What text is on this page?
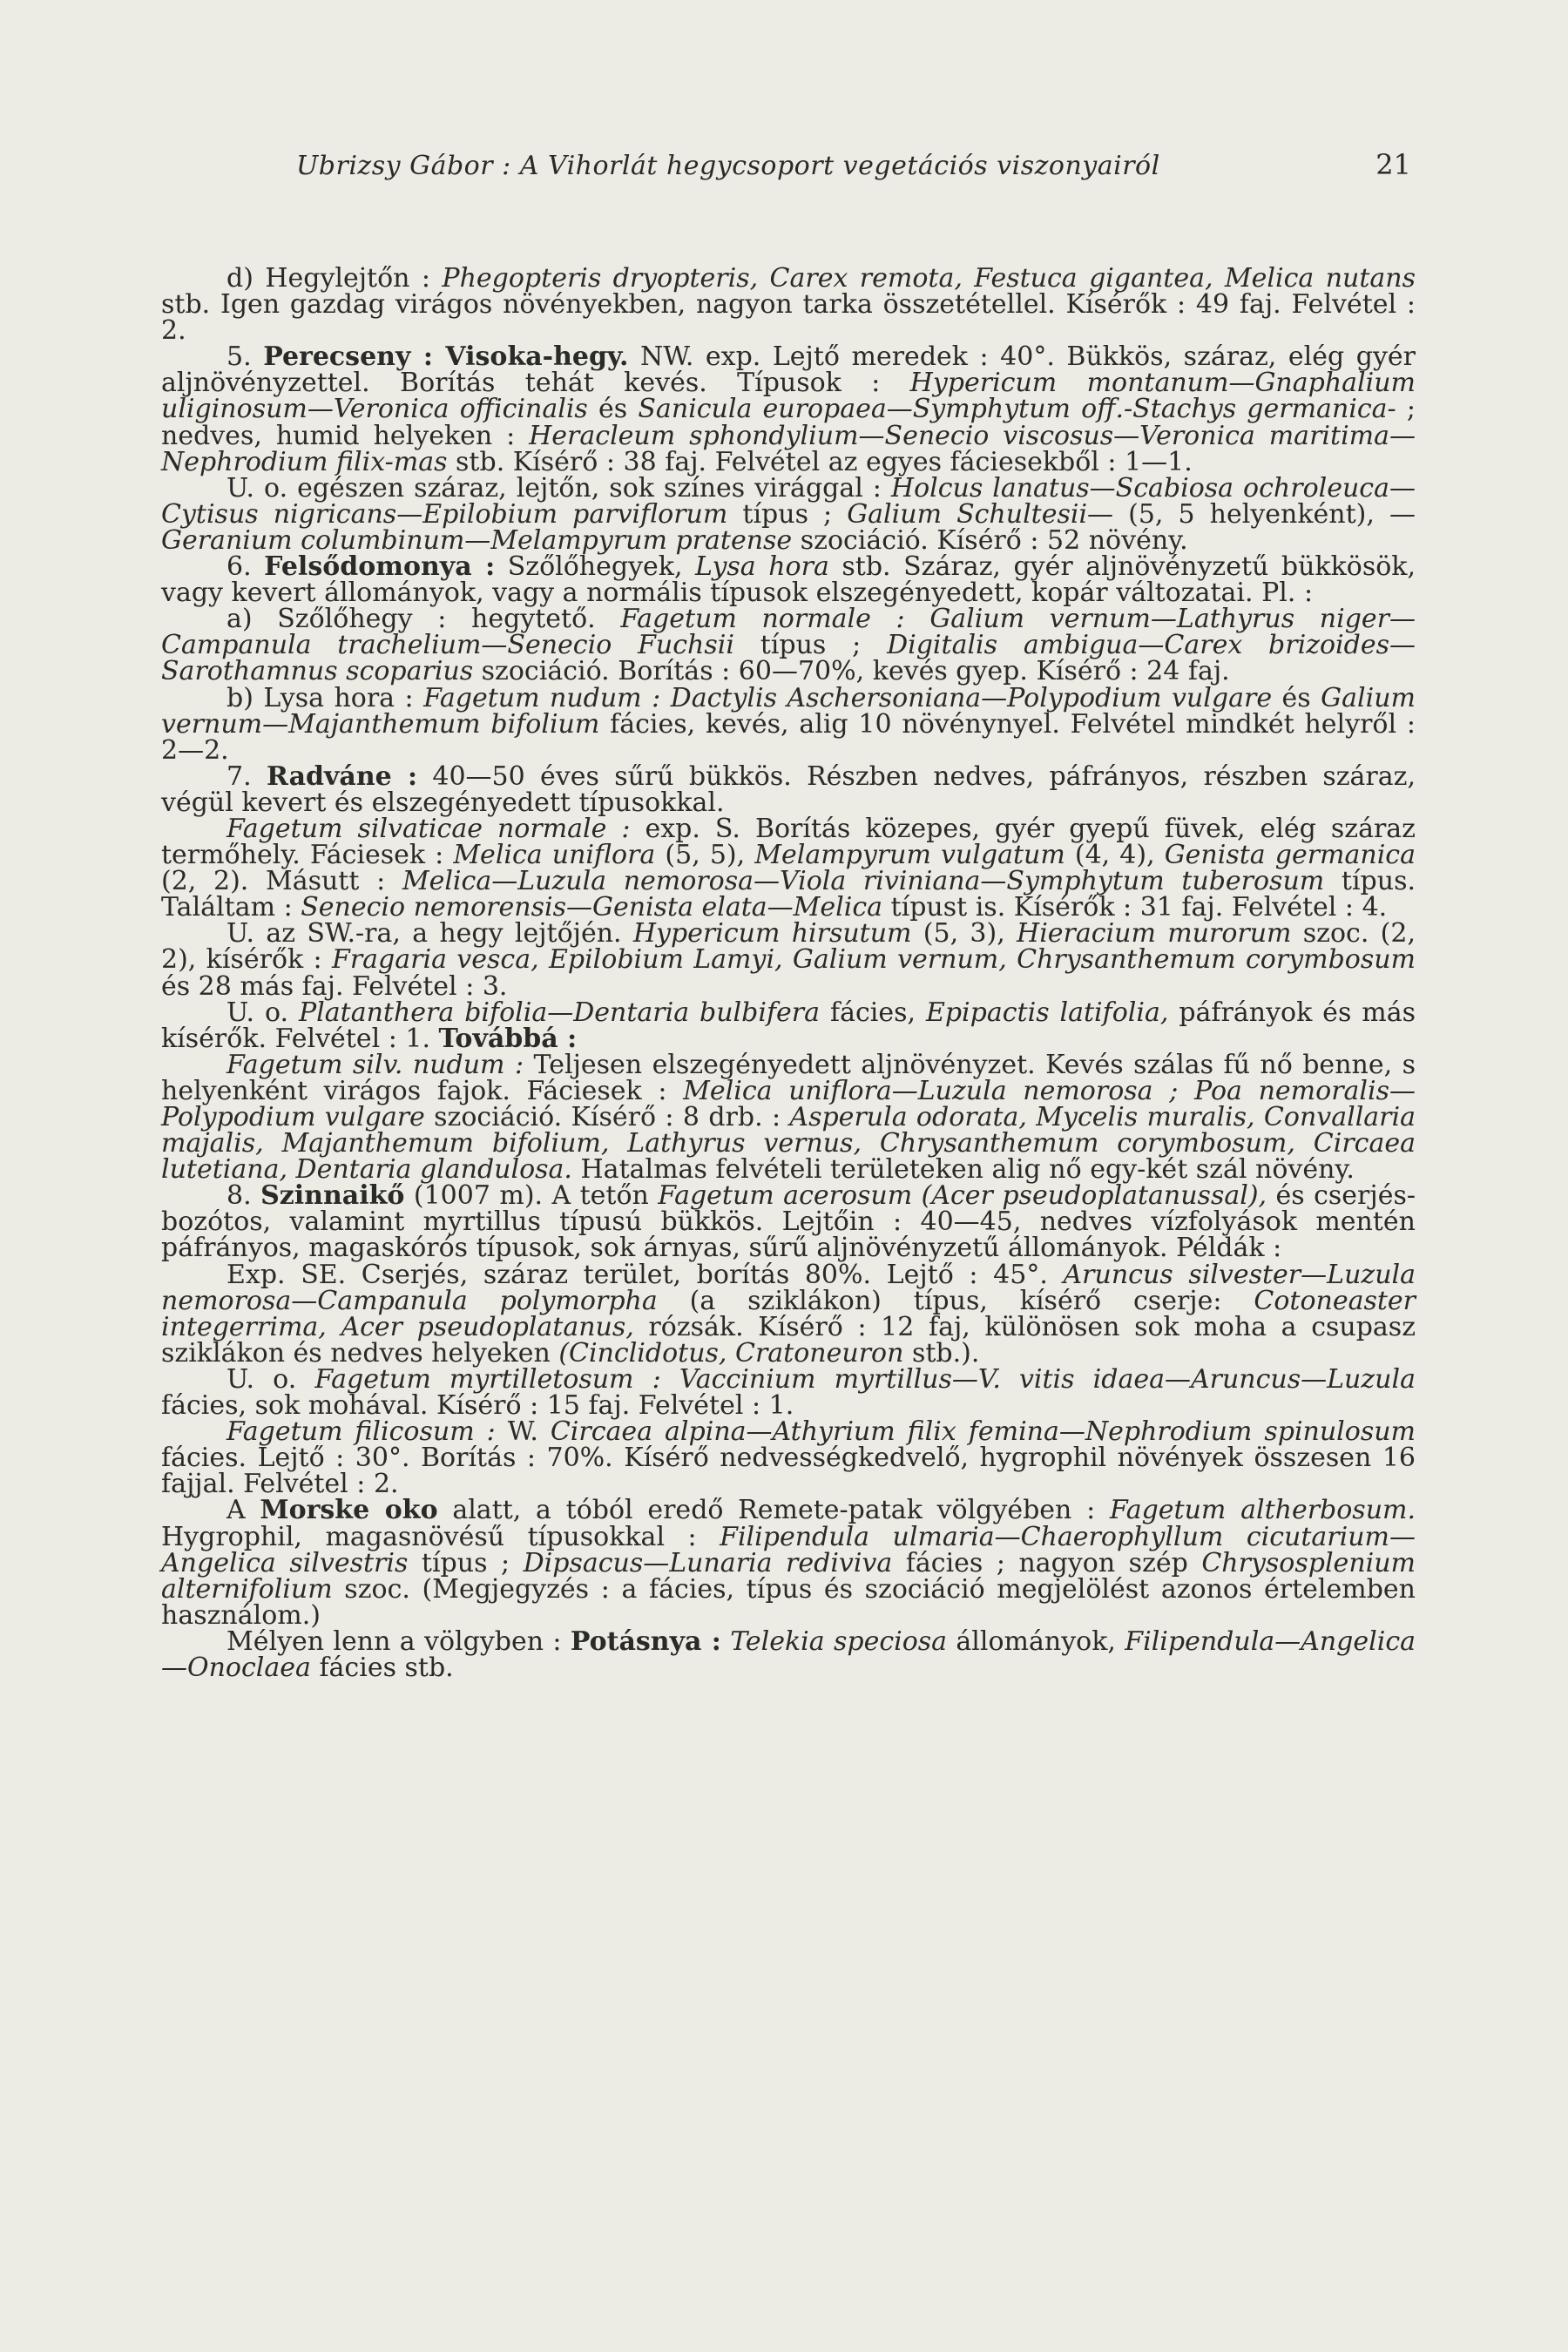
Ubrizsy Gábor : A Vihorlát hegycsoport vegetációs viszonyairól	21

d) Hegylejtőn : Phegopteris dryopteris, Carex remota, Festuca gigantea, Melica nutans stb. Igen gazdag virágos növényekben, nagyon tarka összetétellel. Kísérők : 49 faj. Felvétel : 2.

5. Perecseny : Visoka-hegy. NW. exp. Lejtő meredek : 40°. Bükkös, száraz, elég gyér aljnövényzettel. Borítás tehát kevés. Típusok : Hypericum montanum—Gnaphalium uliginosum—Veronica officinalis és Sanicula europaea—Symphytum off.-Stachys germanica- ; nedves, humid helyeken : Heracleum sphondylium—Senecio viscosus—Veronica maritima—Nephrodium filix-mas stb. Kísérő : 38 faj. Felvétel az egyes fáciesekből : 1—1.

U. o. egészen száraz, lejtőn, sok színes virággal : Holcus lanatus—Scabiosa ochroleuca—Cytisus nigricans—Epilobium parviflorum típus ; Galium Schultesii— (5, 5 helyenként), —Geranium columbinum—Melampyrum pratense szociáció. Kísérő : 52 növény.

6. Felsődomonya : Szőlőhegyek, Lysa hora stb. Száraz, gyér aljnövényzetű bükkösök, vagy kevert állományok, vagy a normális típusok elszegényedett, kopár változatai. Pl. :

a) Szőlőhegy : hegytető. Fagetum normale : Galium vernum—Lathyrus niger—Campanula trachelium—Senecio Fuchsii típus ; Digitalis ambigua—Carex brizoides—Sarothamnus scoparius szociáció. Borítás : 60—70%, kevés gyep. Kísérő : 24 faj.

b) Lysa hora : Fagetum nudum : Dactylis Aschersoniana—Polypodium vulgare és Galium vernum—Majanthemum bifolium fácies, kevés, alig 10 növénynyel. Felvétel mindkét helyről : 2—2.

7. Radváne : 40—50 éves sűrű bükkös. Részben nedves, páfrányos, részben száraz, végül kevert és elszegényedett típusokkal.

Fagetum silvaticae normale : exp. S. Borítás közepes, gyér gyepű füvek, elég száraz termőhely. Fáciesek : Melica uniflora (5, 5), Melampyrum vulgatum (4, 4), Genista germanica (2, 2). Másutt : Melica—Luzula nemorosa—Viola riviniana—Symphytum tuberosum típus. Találtam : Senecio nemorensis—Genista elata—Melica típust is. Kísérők : 31 faj. Felvétel : 4.

U. az SW.-ra, a hegy lejtőjén. Hypericum hirsutum (5, 3), Hieracium murorum szoc. (2, 2), kísérők : Fragaria vesca, Epilobium Lamyi, Galium vernum, Chrysanthemum corymbosum és 28 más faj. Felvétel : 3.

U. o. Platanthera bifolia—Dentaria bulbifera fácies, Epipactis latifolia, páfrányok és más kísérők. Felvétel : 1. Továbbá :

Fagetum silv. nudum : Teljesen elszegényedett aljnövényzet. Kevés szálas fű nő benne, s helyenként virágos fajok. Fáciesek : Melica uniflora—Luzula nemorosa ; Poa nemoralis—Polypodium vulgare szociáció. Kísérő : 8 drb. : Asperula odorata, Mycelis muralis, Convallaria majalis, Majanthemum bifolium, Lathyrus vernus, Chrysanthemum corymbosum, Circaea lutetiana, Dentaria glandulosa. Hatalmas felvételi területeken alig nő egy-két szál növény.

8. Szinnaikő (1007 m). A tetőn Fagetum acerosum (Acer pseudoplatanussal), és cserjés-bozótos, valamint myrtillus típusú bükkös. Lejtőin : 40—45, nedves vízfolyások mentén páfrányos, magaskórós típusok, sok árnyas, sűrű aljnövényzetű állományok. Példák :

Exp. SE. Cserjés, száraz terület, borítás 80%. Lejtő : 45°. Aruncus silvester—Luzula nemorosa—Campanula polymorpha (a sziklákon) típus, kísérő cserje: Cotoneaster integerrima, Acer pseudoplatanus, rózsák. Kísérő : 12 faj, különösen sok moha a csupasz sziklákon és nedves helyeken (Cinclidotus, Cratoneuron stb.).

U. o. Fagetum myrtilletosum : Vaccinium myrtillus—V. vitis idaea—Aruncus—Luzula fácies, sok mohával. Kísérő : 15 faj. Felvétel : 1.

Fagetum filicosum : W. Circaea alpina—Athyrium filix femina—Nephrodium spinulosum fácies. Lejtő : 30°. Borítás : 70%. Kísérő nedvességkedvelő, hygrophil növények összesen 16 fajjal. Felvétel : 2.

A Morske oko alatt, a tóból eredő Remete-patak völgyében : Fagetum altherbosum. Hygrophil, magasnövésű típusokkal : Filipendula ulmaria—Chaerophyllum cicutarium—Angelica silvestris típus ; Dipsacus—Lunaria rediviva fácies ; nagyon szép Chrysosplenium alternifolium szoc. (Megjegyzés : a fácies, típus és szociáció megjelölést azonos értelemben használom.)

Mélyen lenn a völgyben : Potásnya : Telekia speciosa állományok, Filipendula—Angelica—Onoclaea fácies stb.
